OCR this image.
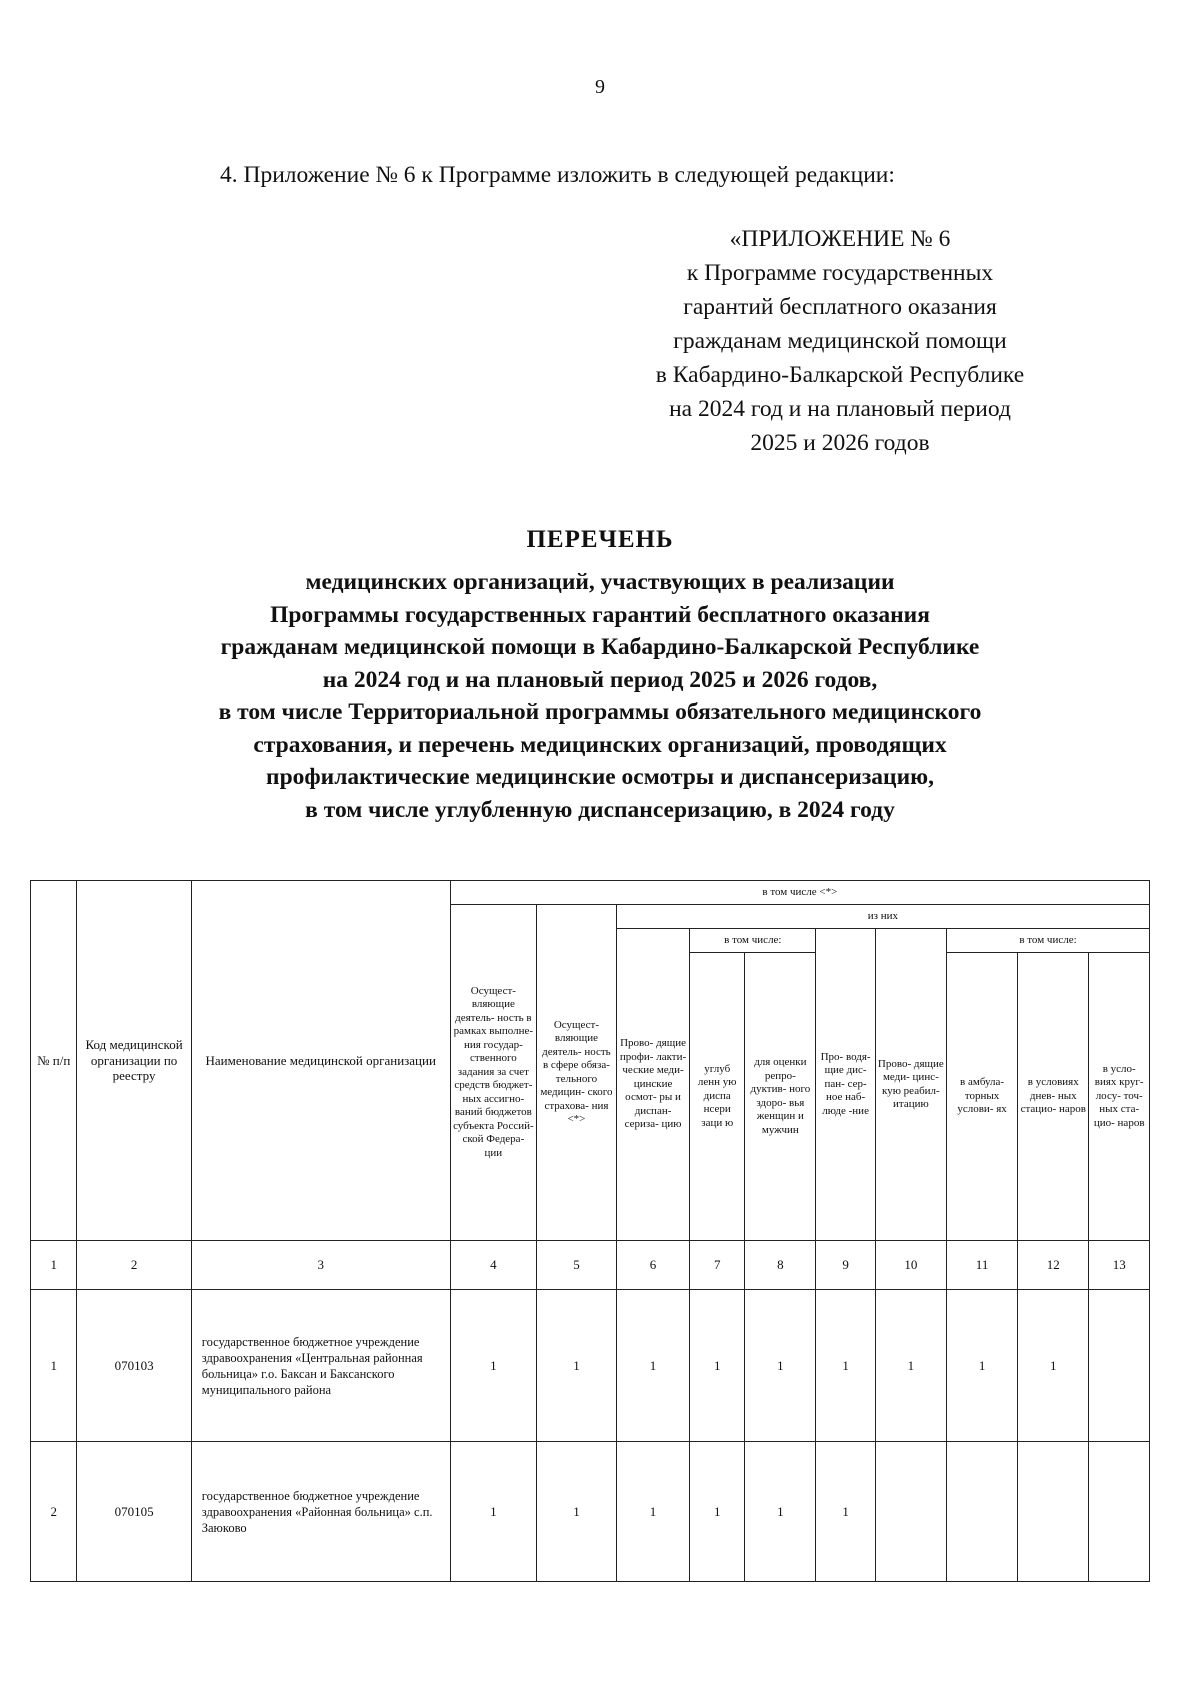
9
4. Приложение № 6 к Программе изложить в следующей редакции:
«ПРИЛОЖЕНИЕ № 6
к Программе государственных
гарантий бесплатного оказания
гражданам медицинской помощи
в Кабардино-Балкарской Республике
на 2024 год и на плановый период
2025 и 2026 годов
ПЕРЕЧЕНЬ
медицинских организаций, участвующих в реализации
Программы государственных гарантий бесплатного оказания
гражданам медицинской помощи в Кабардино-Балкарской Республике
на 2024 год и на плановый период 2025 и 2026 годов,
в том числе Территориальной программы обязательного медицинского
страхования, и перечень медицинских организаций, проводящих
профилактические медицинские осмотры и диспансеризацию,
в том числе углубленную диспансеризацию, в 2024 году
№ п/п	Код медицинской организации по реестру	Наименование медицинской организации	в том числе <*>									
			Осущест- вляющие деятель- ность в рамках выполне- ния государ- ственного задания за счет средств бюджет- ных ассигно- ваний бюджетов субъекта Россий- ской Федера- ции	Осущест- вляющие деятель- ность в сфере обяза- тельного медицин- ского страхова- ния <*>	из них							
					Прово- дящие профи- лакти- ческие меди- цинские осмот- ры и диспан- сериза- цию	в том числе:		Про- водя- щие дис- пан- сер- ное наб- люде -ние	Прово- дящие меди- цинс- кую реабил- итацию	в том числе:		
						углуб ленн ую диспа нсери заци ю	для оценки репро- дуктив- ного здоро- вья женщин и мужчин			в амбула- торных услови- ях	в условиях днев- ных стацио- наров	в усло- виях круг- лосу- точ- ных ста- цио- наров

1	2	3	4	5	6	7	8	9	10	11	12	13
1	070103	государственное бюджетное учреждение здравоохранения «Центральная районная больница» г.о. Баксан и Баксанского муниципального района	1	1	1	1	1	1	1	1	1	
2	070105	государственное бюджетное учреждение здравоохранения «Районная больница» с.п. Заюково	1	1	1	1	1	1				
